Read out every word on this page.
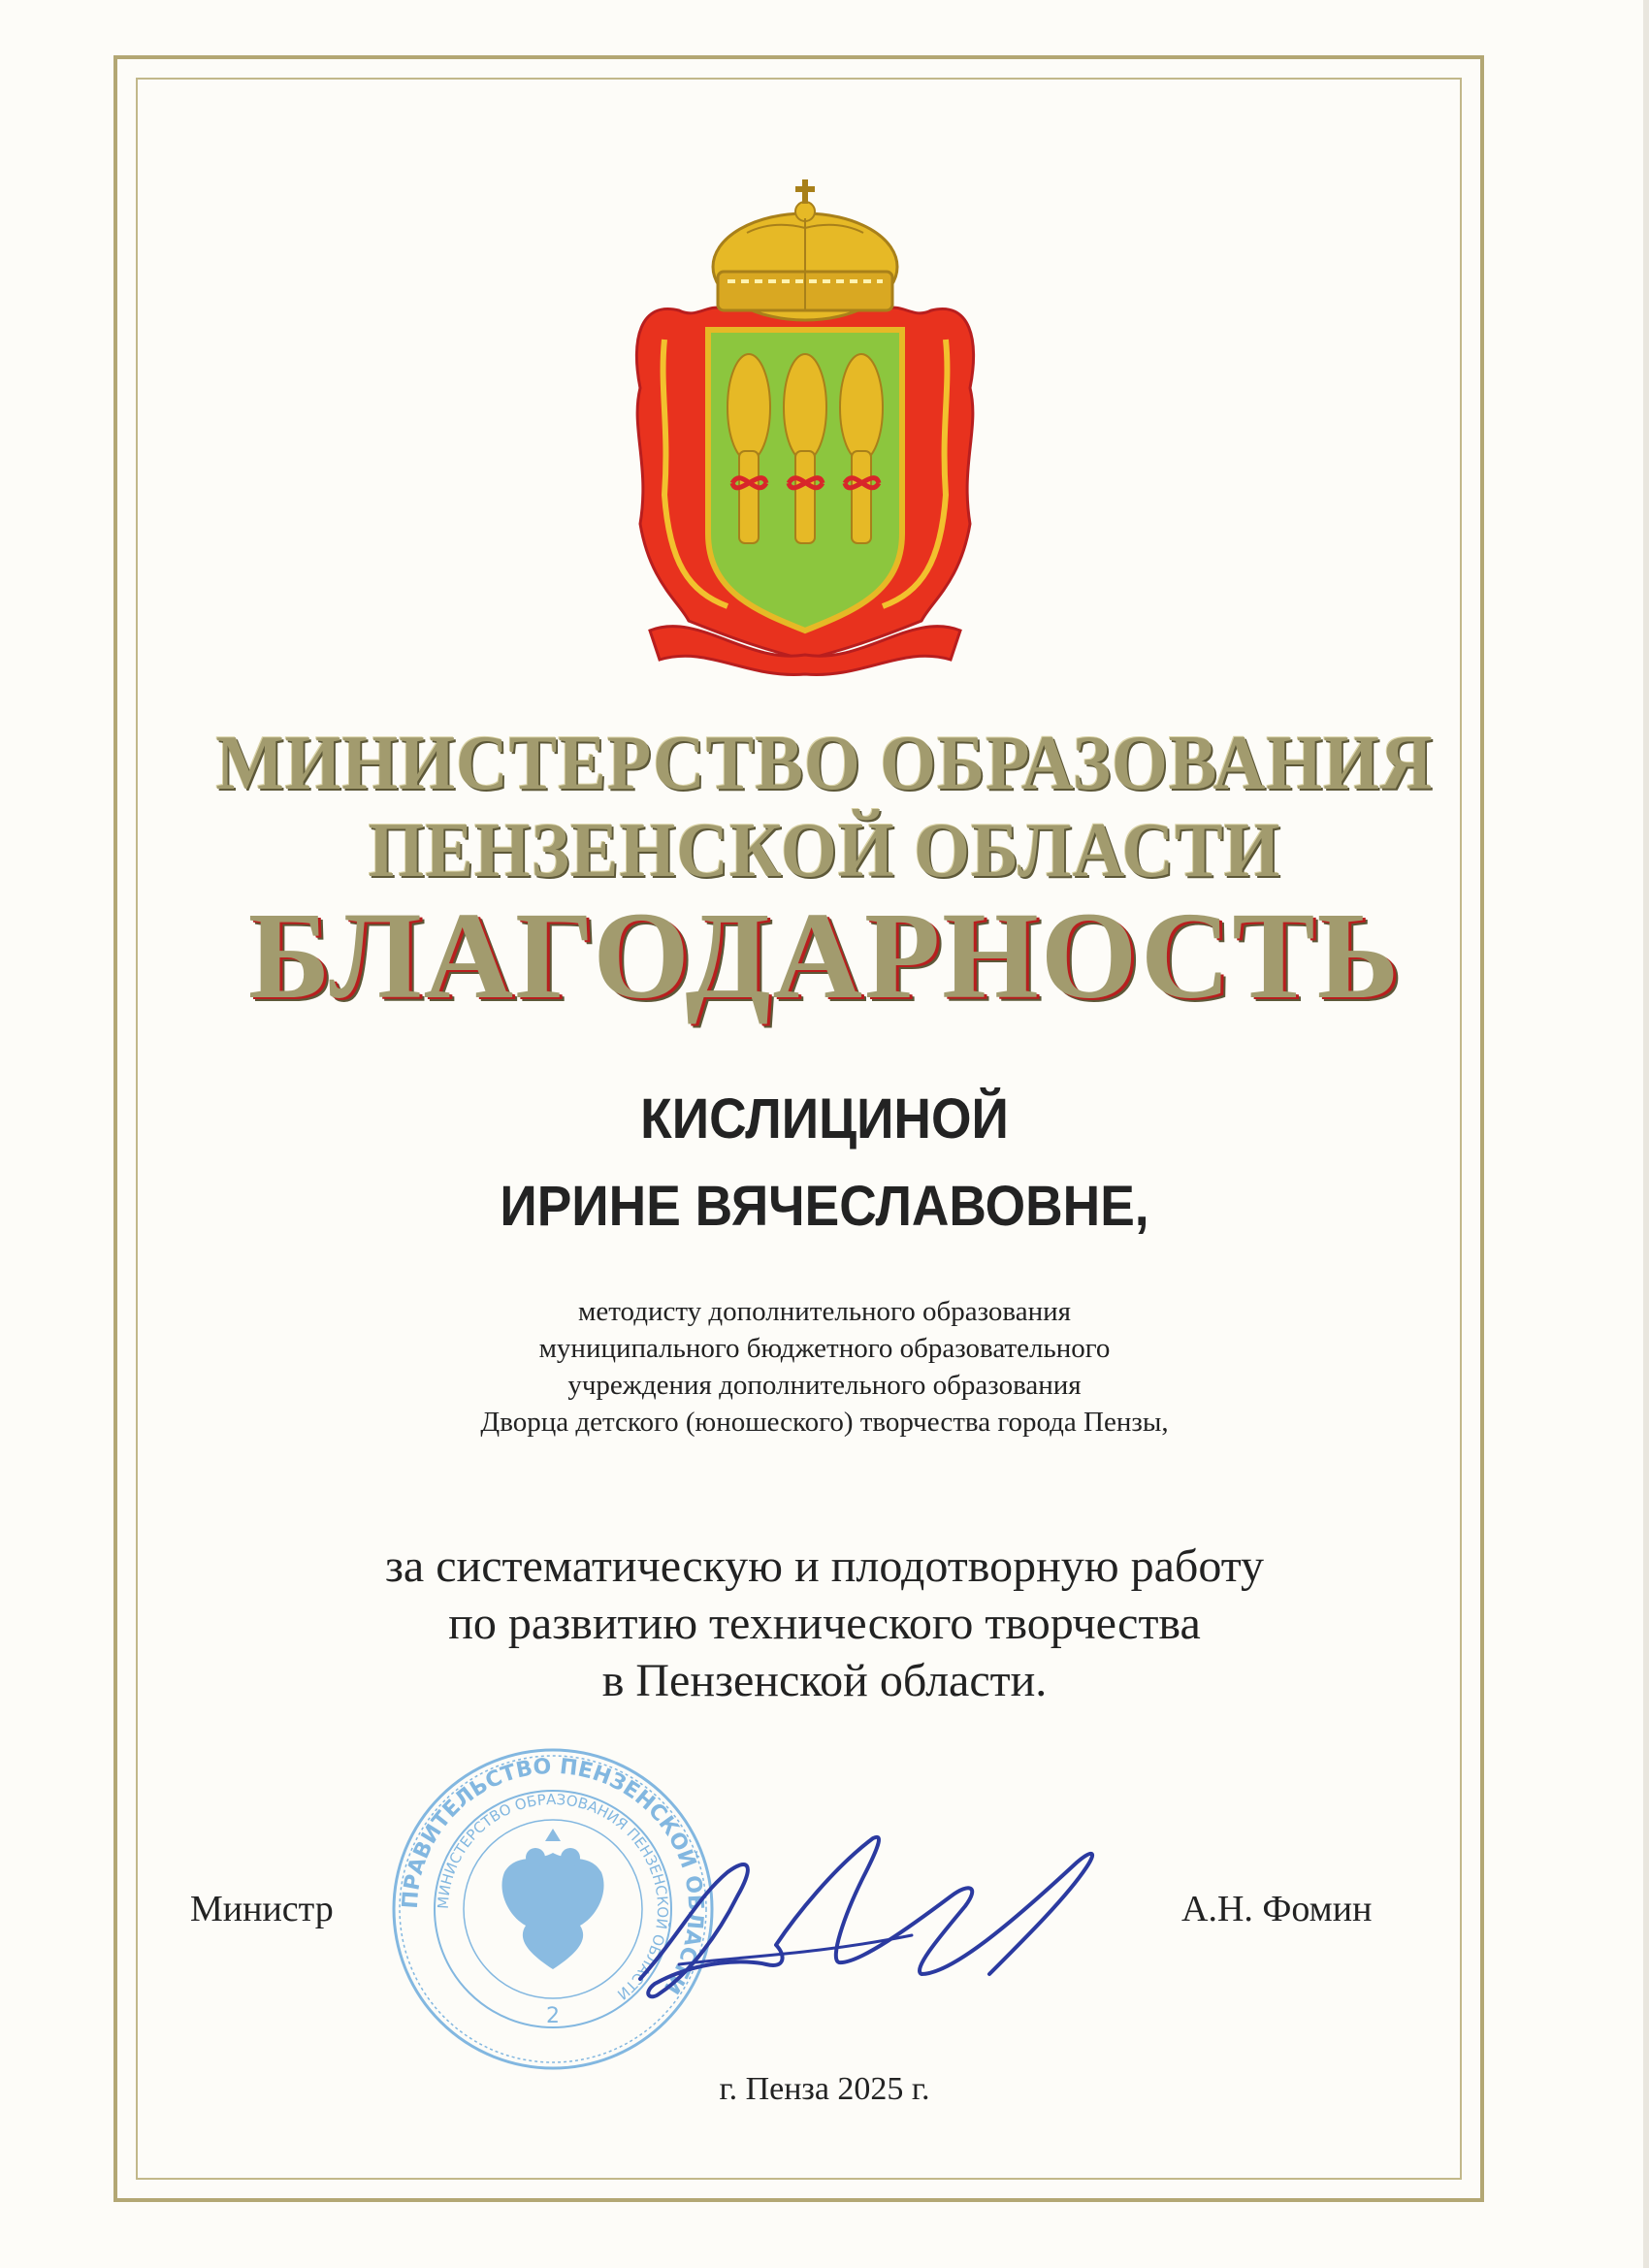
МИНИСТЕРСТВО ОБРАЗОВАНИЯ
ПЕНЗЕНСКОЙ ОБЛАСТИ
БЛАГОДАРНОСТЬ
КИСЛИЦИНОЙ
ИРИНЕ ВЯЧЕСЛАВОВНЕ,
методисту дополнительного образования
муниципального бюджетного образовательного
учреждения дополнительного образования
Дворца детского (юношеского) творчества города Пензы,
за систематическую и плодотворную работу
по развитию технического творчества
в Пензенской области.
ПРАВИТЕЛЬСТВО ПЕНЗЕНСКОЙ ОБЛАСТИ
МИНИСТЕРСТВО ОБРАЗОВАНИЯ ПЕНЗЕНСКОЙ ОБЛАСТИ
2
Министр	А.Н. Фомин
г. Пенза 2025 г.
